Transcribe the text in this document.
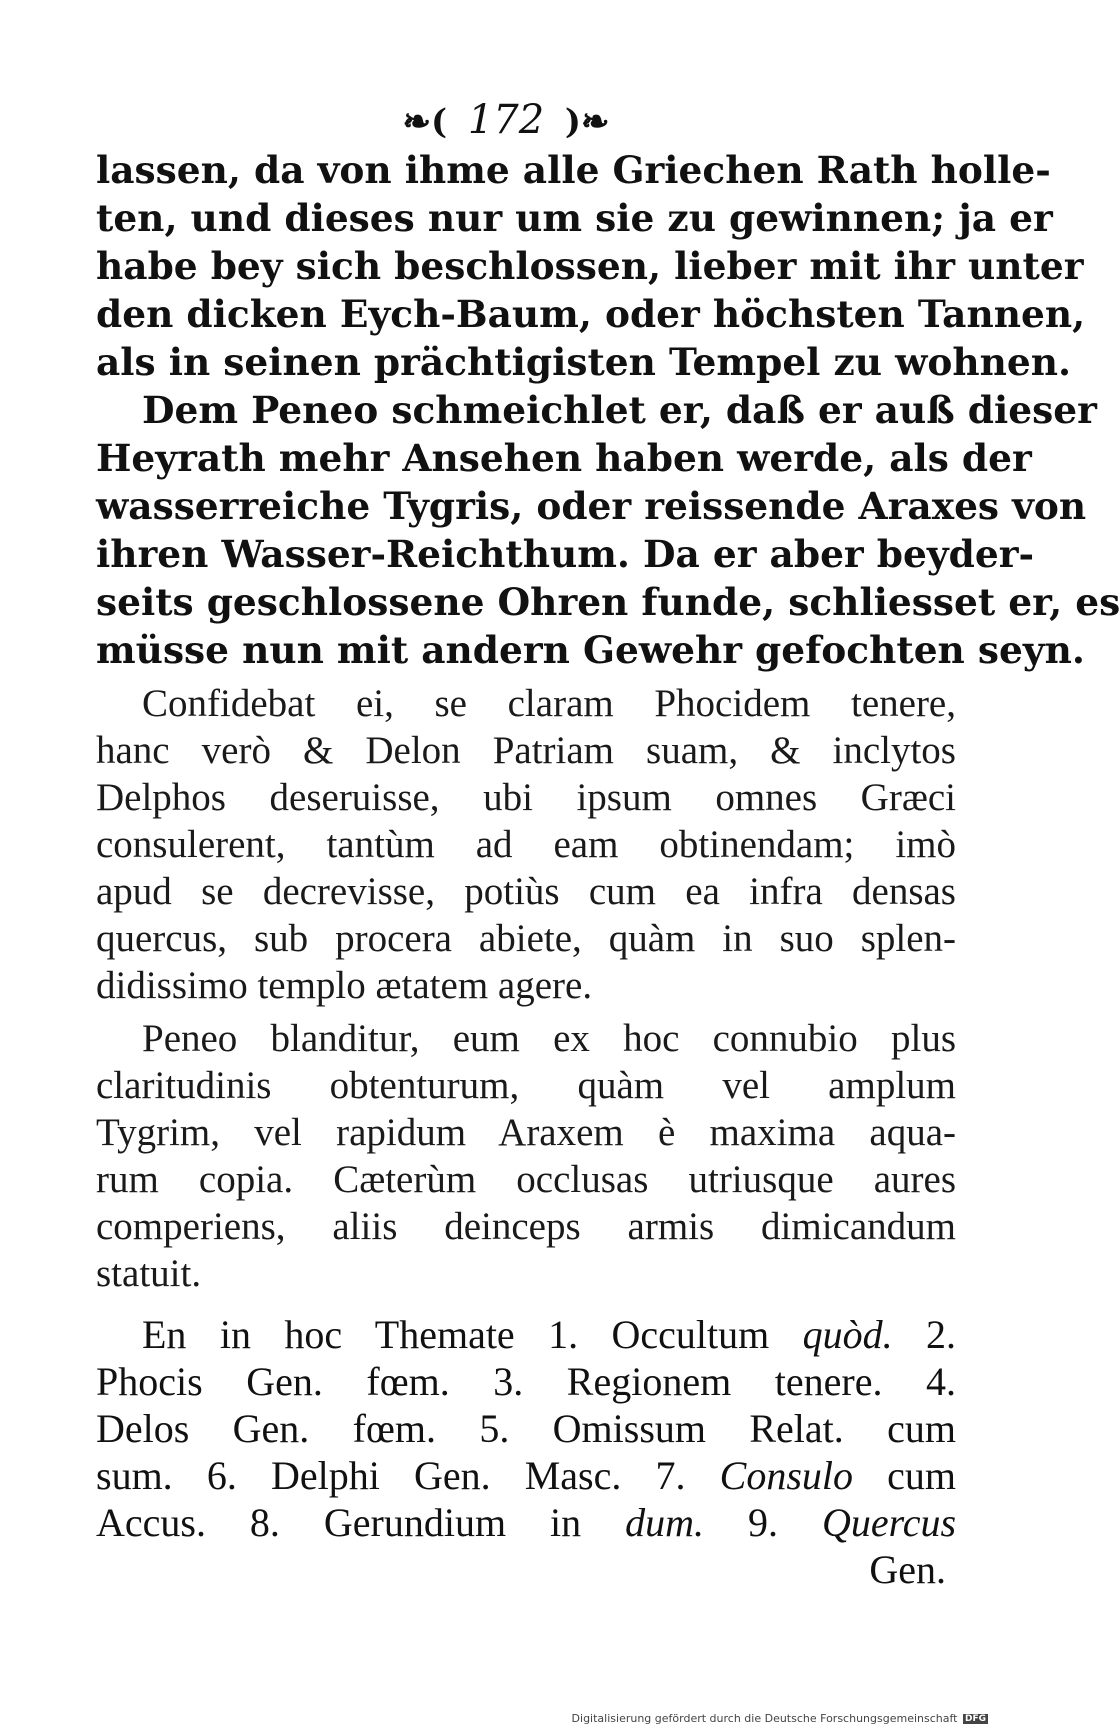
❧( 172 )❧
lassen, da von ihme alle Griechen Rath holle-
ten, und dieses nur um sie zu gewinnen; ja er
habe bey sich beschlossen, lieber mit ihr unter
den dicken Eych-Baum, oder höchsten Tannen,
als in seinen prächtigisten Tempel zu wohnen.
Dem Peneo schmeichlet er, daß er auß dieser
Heyrath mehr Ansehen haben werde, als der
wasserreiche Tygris, oder reissende Araxes von
ihren Wasser-Reichthum. Da er aber beyder-
seits geschlossene Ohren funde, schliesset er, es
müsse nun mit andern Gewehr gefochten seyn.
Confidebat ei, se claram Phocidem tenere,
hanc verò & Delon Patriam suam, & inclytos
Delphos deseruisse, ubi ipsum omnes Græci
consulerent, tantùm ad eam obtinendam; imò
apud se decrevisse, potiùs cum ea infra densas
quercus, sub procera abiete, quàm in suo splen-
didissimo templo ætatem agere.
Peneo blanditur, eum ex hoc connubio plus
claritudinis obtenturum, quàm vel amplum
Tygrim, vel rapidum Araxem è maxima aqua-
rum copia. Cæterùm occlusas utriusque aures
comperiens, aliis deinceps armis dimicandum
statuit.
En in hoc Themate 1. Occultum quòd. 2.
Phocis Gen. fœm. 3. Regionem tenere. 4.
Delos Gen. fœm. 5. Omissum Relat. cum
sum. 6. Delphi Gen. Masc. 7. Consulo cum
Accus. 8. Gerundium in dum. 9. Quercus
Gen.
Digitalisierung gefördert durch die Deutsche Forschungsgemeinschaft DFG
